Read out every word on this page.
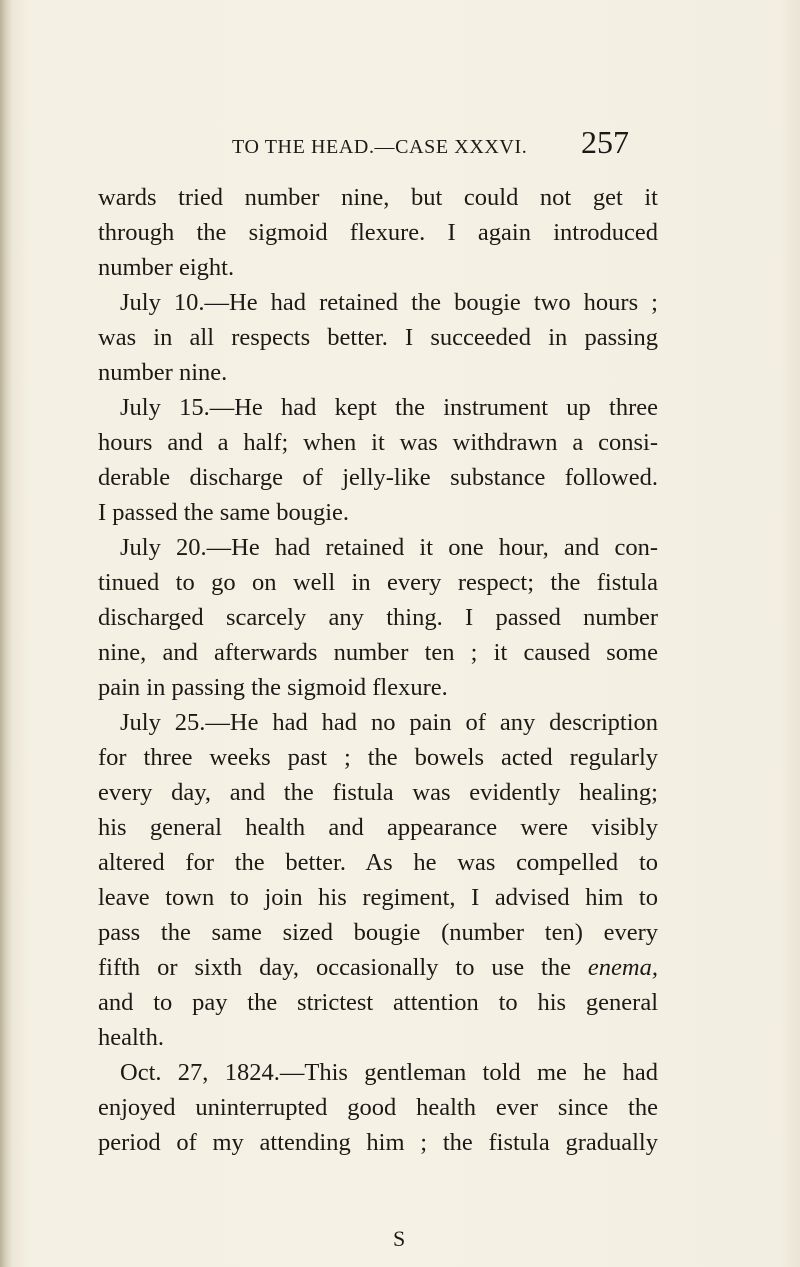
TO THE HEAD.—CASE XXXVI. 257
wards tried number nine, but could not get it
through the sigmoid flexure. I again introduced
number eight.
July 10.—He had retained the bougie two hours ;
was in all respects better. I succeeded in passing
number nine.
July 15.—He had kept the instrument up three
hours and a half; when it was withdrawn a consi-
derable discharge of jelly-like substance followed.
I passed the same bougie.
July 20.—He had retained it one hour, and con-
tinued to go on well in every respect; the fistula
discharged scarcely any thing. I passed number
nine, and afterwards number ten ; it caused some
pain in passing the sigmoid flexure.
July 25.—He had had no pain of any description
for three weeks past ; the bowels acted regularly
every day, and the fistula was evidently healing;
his general health and appearance were visibly
altered for the better. As he was compelled to
leave town to join his regiment, I advised him to
pass the same sized bougie (number ten) every
fifth or sixth day, occasionally to use the enema,
and to pay the strictest attention to his general
health.
Oct. 27, 1824.—This gentleman told me he had
enjoyed uninterrupted good health ever since the
period of my attending him ; the fistula gradually
S
